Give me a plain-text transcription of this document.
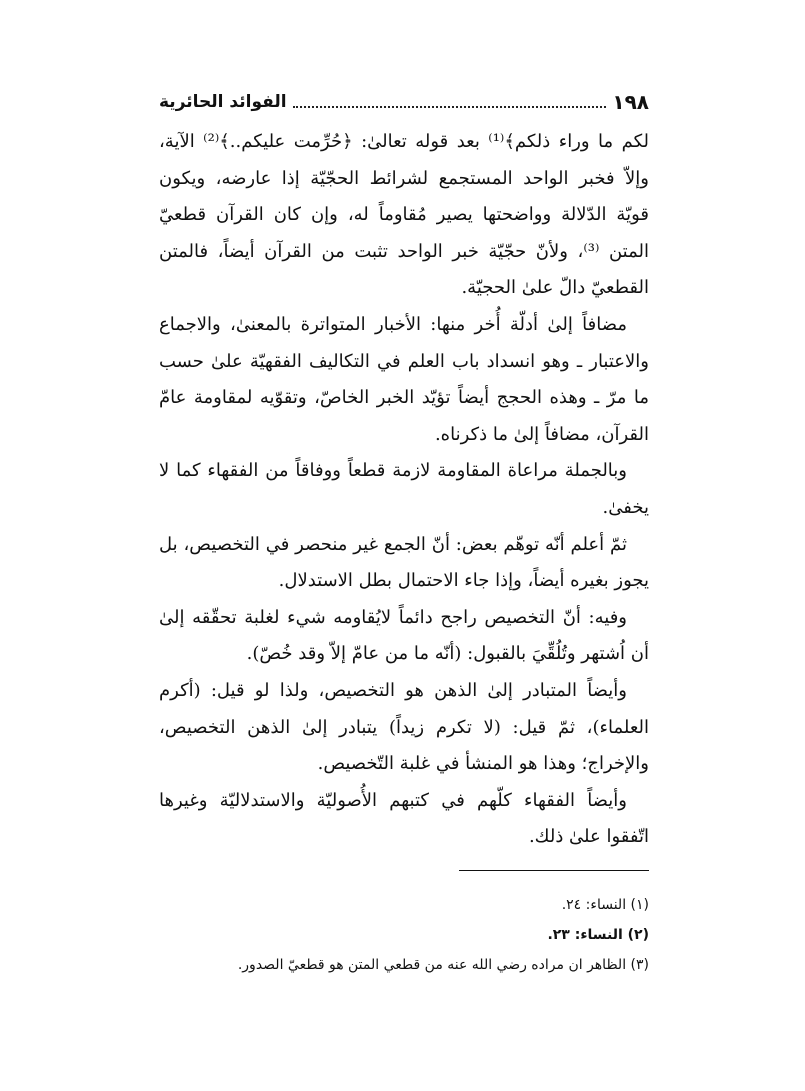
١٩٨
الفوائد الحائرية

لكم ما وراء ذلكم﴾⁽¹⁾ بعد قوله تعالىٰ: ﴿حُرِّمت عليكم..﴾⁽²⁾ الآية، وإلاّ فخبر الواحد المستجمع لشرائط الحجّيّة إذا عارضه، ويكون قويّة الدّلالة وواضحتها يصير مُقاوماً له، وإن كان القرآن قطعيّ المتن ⁽³⁾، ولأنّ حجّيّة خبر الواحد تثبت من القرآن أيضاً، فالمتن القطعيّ دالّ علىٰ الحجيّة.

مضافاً إلىٰ أدلّة أُخر منها: الأخبار المتواترة بالمعنىٰ، والاجماع والاعتبار ـ وهو انسداد باب العلم في التكاليف الفقهيّة علىٰ حسب ما مرّ ـ وهذه الحجج أيضاً تؤيّد الخبر الخاصّ، وتقوّيه لمقاومة عامّ القرآن، مضافاً إلىٰ ما ذكرناه.

وبالجملة مراعاة المقاومة لازمة قطعاً ووفاقاً من الفقهاء كما لا يخفىٰ.

ثمّ أعلم أنّه توهّم بعض: أنّ الجمع غير منحصر في التخصيص، بل يجوز بغيره أيضاً، وإذا جاء الاحتمال بطل الاستدلال.

وفيه: أنّ التخصيص راجح دائماً لايُقاومه شيء لغلبة تحقّقه إلىٰ أن اُشتهر وتُلُقِّيَ بالقبول: (أنّه ما من عامّ إلاّ وقد خُصّ).

وأيضاً المتبادر إلىٰ الذهن هو التخصيص، ولذا لو قيل: (أكرم العلماء)، ثمّ قيل: (لا تكرم زيداً) يتبادر إلىٰ الذهن التخصيص، والإخراج؛ وهذا هو المنشأ في غلبة التّخصيص.

وأيضاً الفقهاء كلّهم في كتبهم الأُصوليّة والاستدلاليّة وغيرها اتّفقوا علىٰ ذلك.

(١) النساء: ٢٤.
(٢) النساء: ٢٣.
(٣) الظاهر ان مراده رضي الله عنه من قطعي المتن هو قطعيّ الصدور.
